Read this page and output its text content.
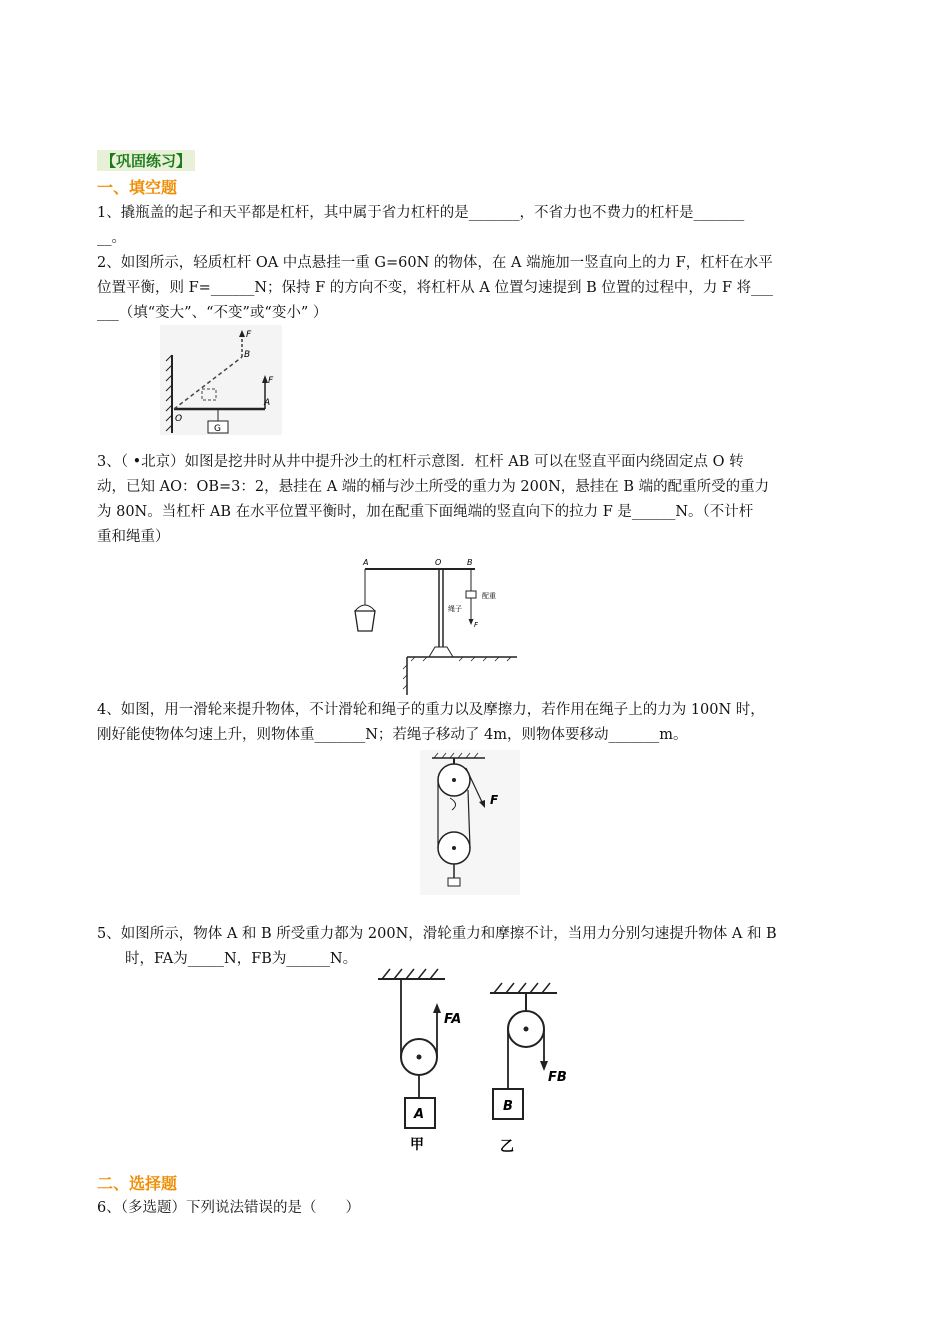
【巩固练习】
一、填空题

1、撬瓶盖的起子和天平都是杠杆，其中属于省力杠杆的是_______，不省力也不费力的杠杆是_______

__。

2、如图所示，轻质杠杆 OA 中点悬挂一重 G=60N 的物体，在 A 端施加一竖直向上的力 F，杠杆在水平

位置平衡，则 F=______N；保持 F 的方向不变，将杠杆从 A 位置匀速提到 B 位置的过程中，力 F 将___

___（填“变大”、“不变”或“变小” ）

G
F
B
F
A
O

3、（ •北京）如图是挖井时从井中提升沙土的杠杆示意图．杠杆 AB 可以在竖直平面内绕固定点 O 转

动，已知 AO：OB=3：2，悬挂在 A 端的桶与沙土所受的重力为 200N，悬挂在 B 端的配重所受的重力

为 80N。当杠杆 AB 在水平位置平衡时，加在配重下面绳端的竖直向下的拉力 F 是______N。（不计杆

重和绳重）

A	O	B
配重
绳子
F

4、如图，用一滑轮来提升物体，不计滑轮和绳子的重力以及摩擦力，若作用在绳子上的力为 100N 时，

刚好能使物体匀速上升，则物体重_______N；若绳子移动了 4m，则物体要移动_______m。

F

5、如图所示，物体 A 和 B 所受重力都为 200N，滑轮重力和摩擦不计，当用力分别匀速提升物体 A 和 B

时，FA为_____N，FB为______N。

FA
A
甲
FB
B
乙
二、选择题

6、（多选题）下列说法错误的是（　　）
